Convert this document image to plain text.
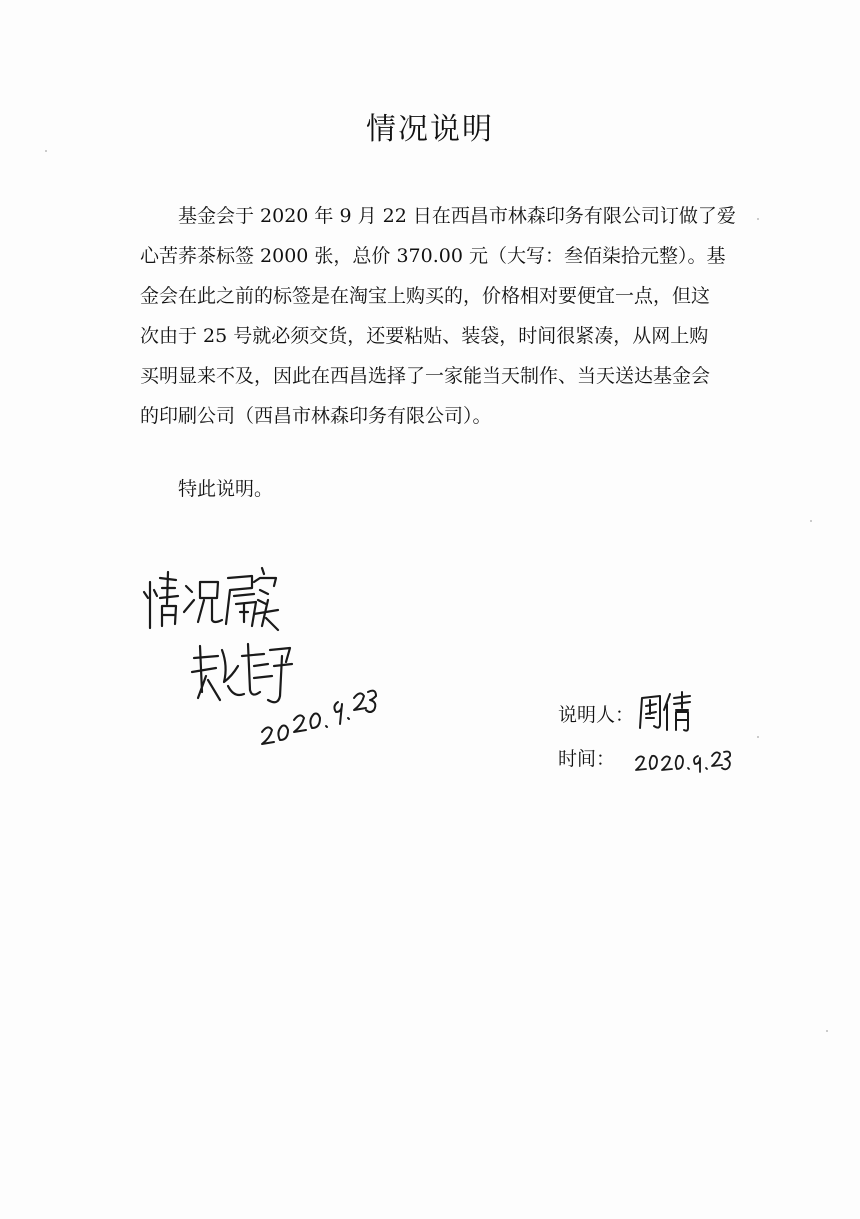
情况说明
基金会于 2020 年 9 月 22 日在西昌市林森印务有限公司订做了爱
心苦荞茶标签 2000 张，总价 370.00 元（大写：叁佰柒拾元整）。基
金会在此之前的标签是在淘宝上购买的，价格相对要便宜一点，但这
次由于 25 号就必须交货，还要粘贴、装袋，时间很紧凑，从网上购
买明显来不及，因此在西昌选择了一家能当天制作、当天送达基金会
的印刷公司（西昌市林森印务有限公司）。
特此说明。
说明人：
时间：
